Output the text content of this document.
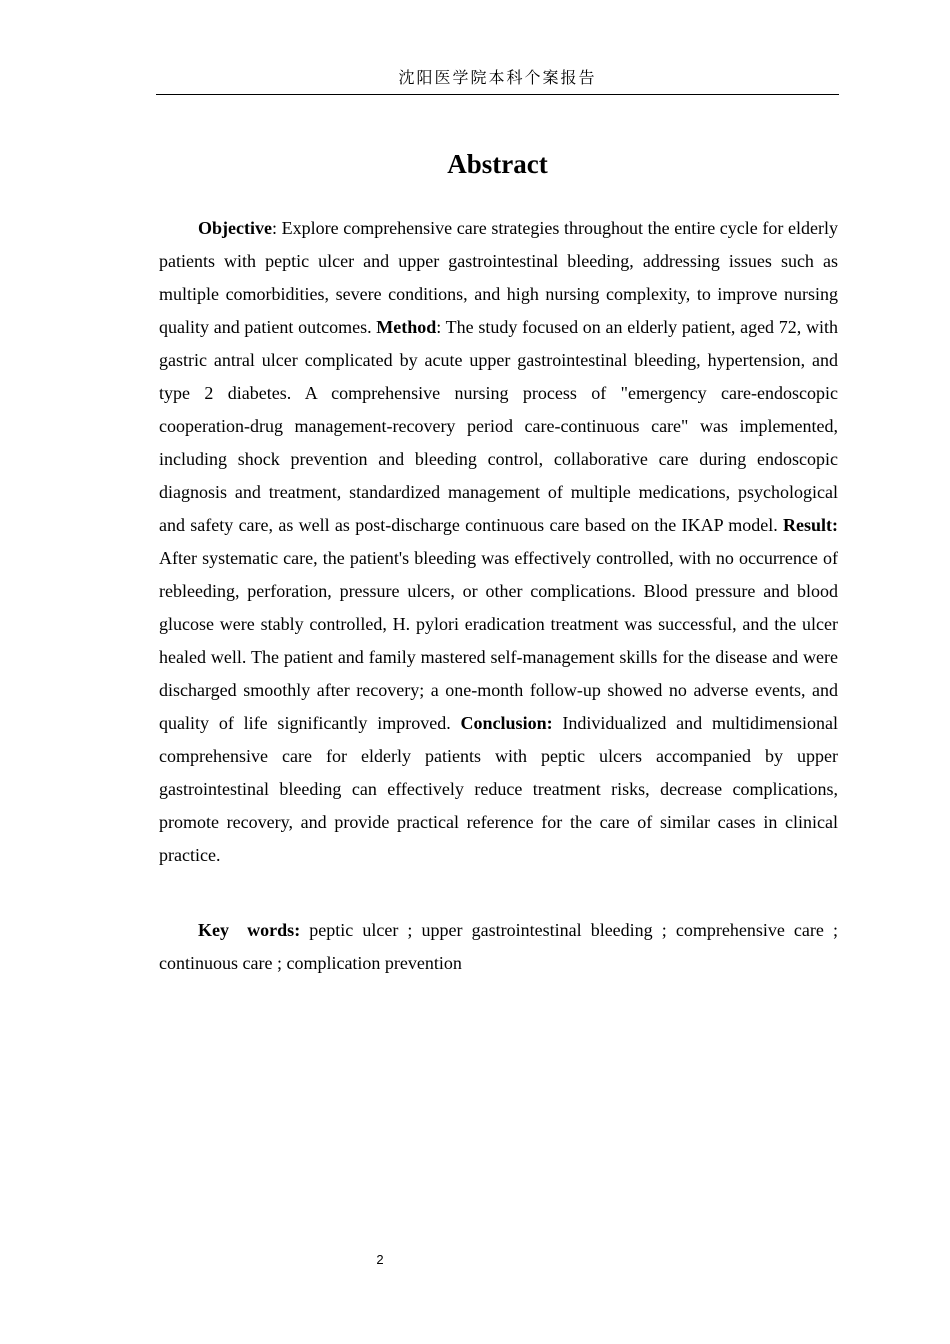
沈阳医学院本科个案报告
Abstract

Objective: Explore comprehensive care strategies throughout the entire cycle for elderly patients with peptic ulcer and upper gastrointestinal bleeding, addressing issues such as multiple comorbidities, severe conditions, and high nursing complexity, to improve nursing quality and patient outcomes. Method: The study focused on an elderly patient, aged 72, with gastric antral ulcer complicated by acute upper gastrointestinal bleeding, hypertension, and type 2 diabetes. A comprehensive nursing process of "emergency care-endoscopic cooperation-drug management-recovery period care-continuous care" was implemented, including shock prevention and bleeding control, collaborative care during endoscopic diagnosis and treatment, standardized management of multiple medications, psychological and safety care, as well as post-discharge continuous care based on the IKAP model. Result: After systematic care, the patient's bleeding was effectively controlled, with no occurrence of rebleeding, perforation, pressure ulcers, or other complications. Blood pressure and blood glucose were stably controlled, H. pylori eradication treatment was successful, and the ulcer healed well. The patient and family mastered self-management skills for the disease and were discharged smoothly after recovery; a one-month follow-up showed no adverse events, and quality of life significantly improved. Conclusion: Individualized and multidimensional comprehensive care for elderly patients with peptic ulcers accompanied by upper gastrointestinal bleeding can effectively reduce treatment risks, decrease complications, promote recovery, and provide practical reference for the care of similar cases in clinical practice.

Key  words: peptic ulcer ; upper gastrointestinal bleeding ; comprehensive care ; continuous care ; complication prevention

2
